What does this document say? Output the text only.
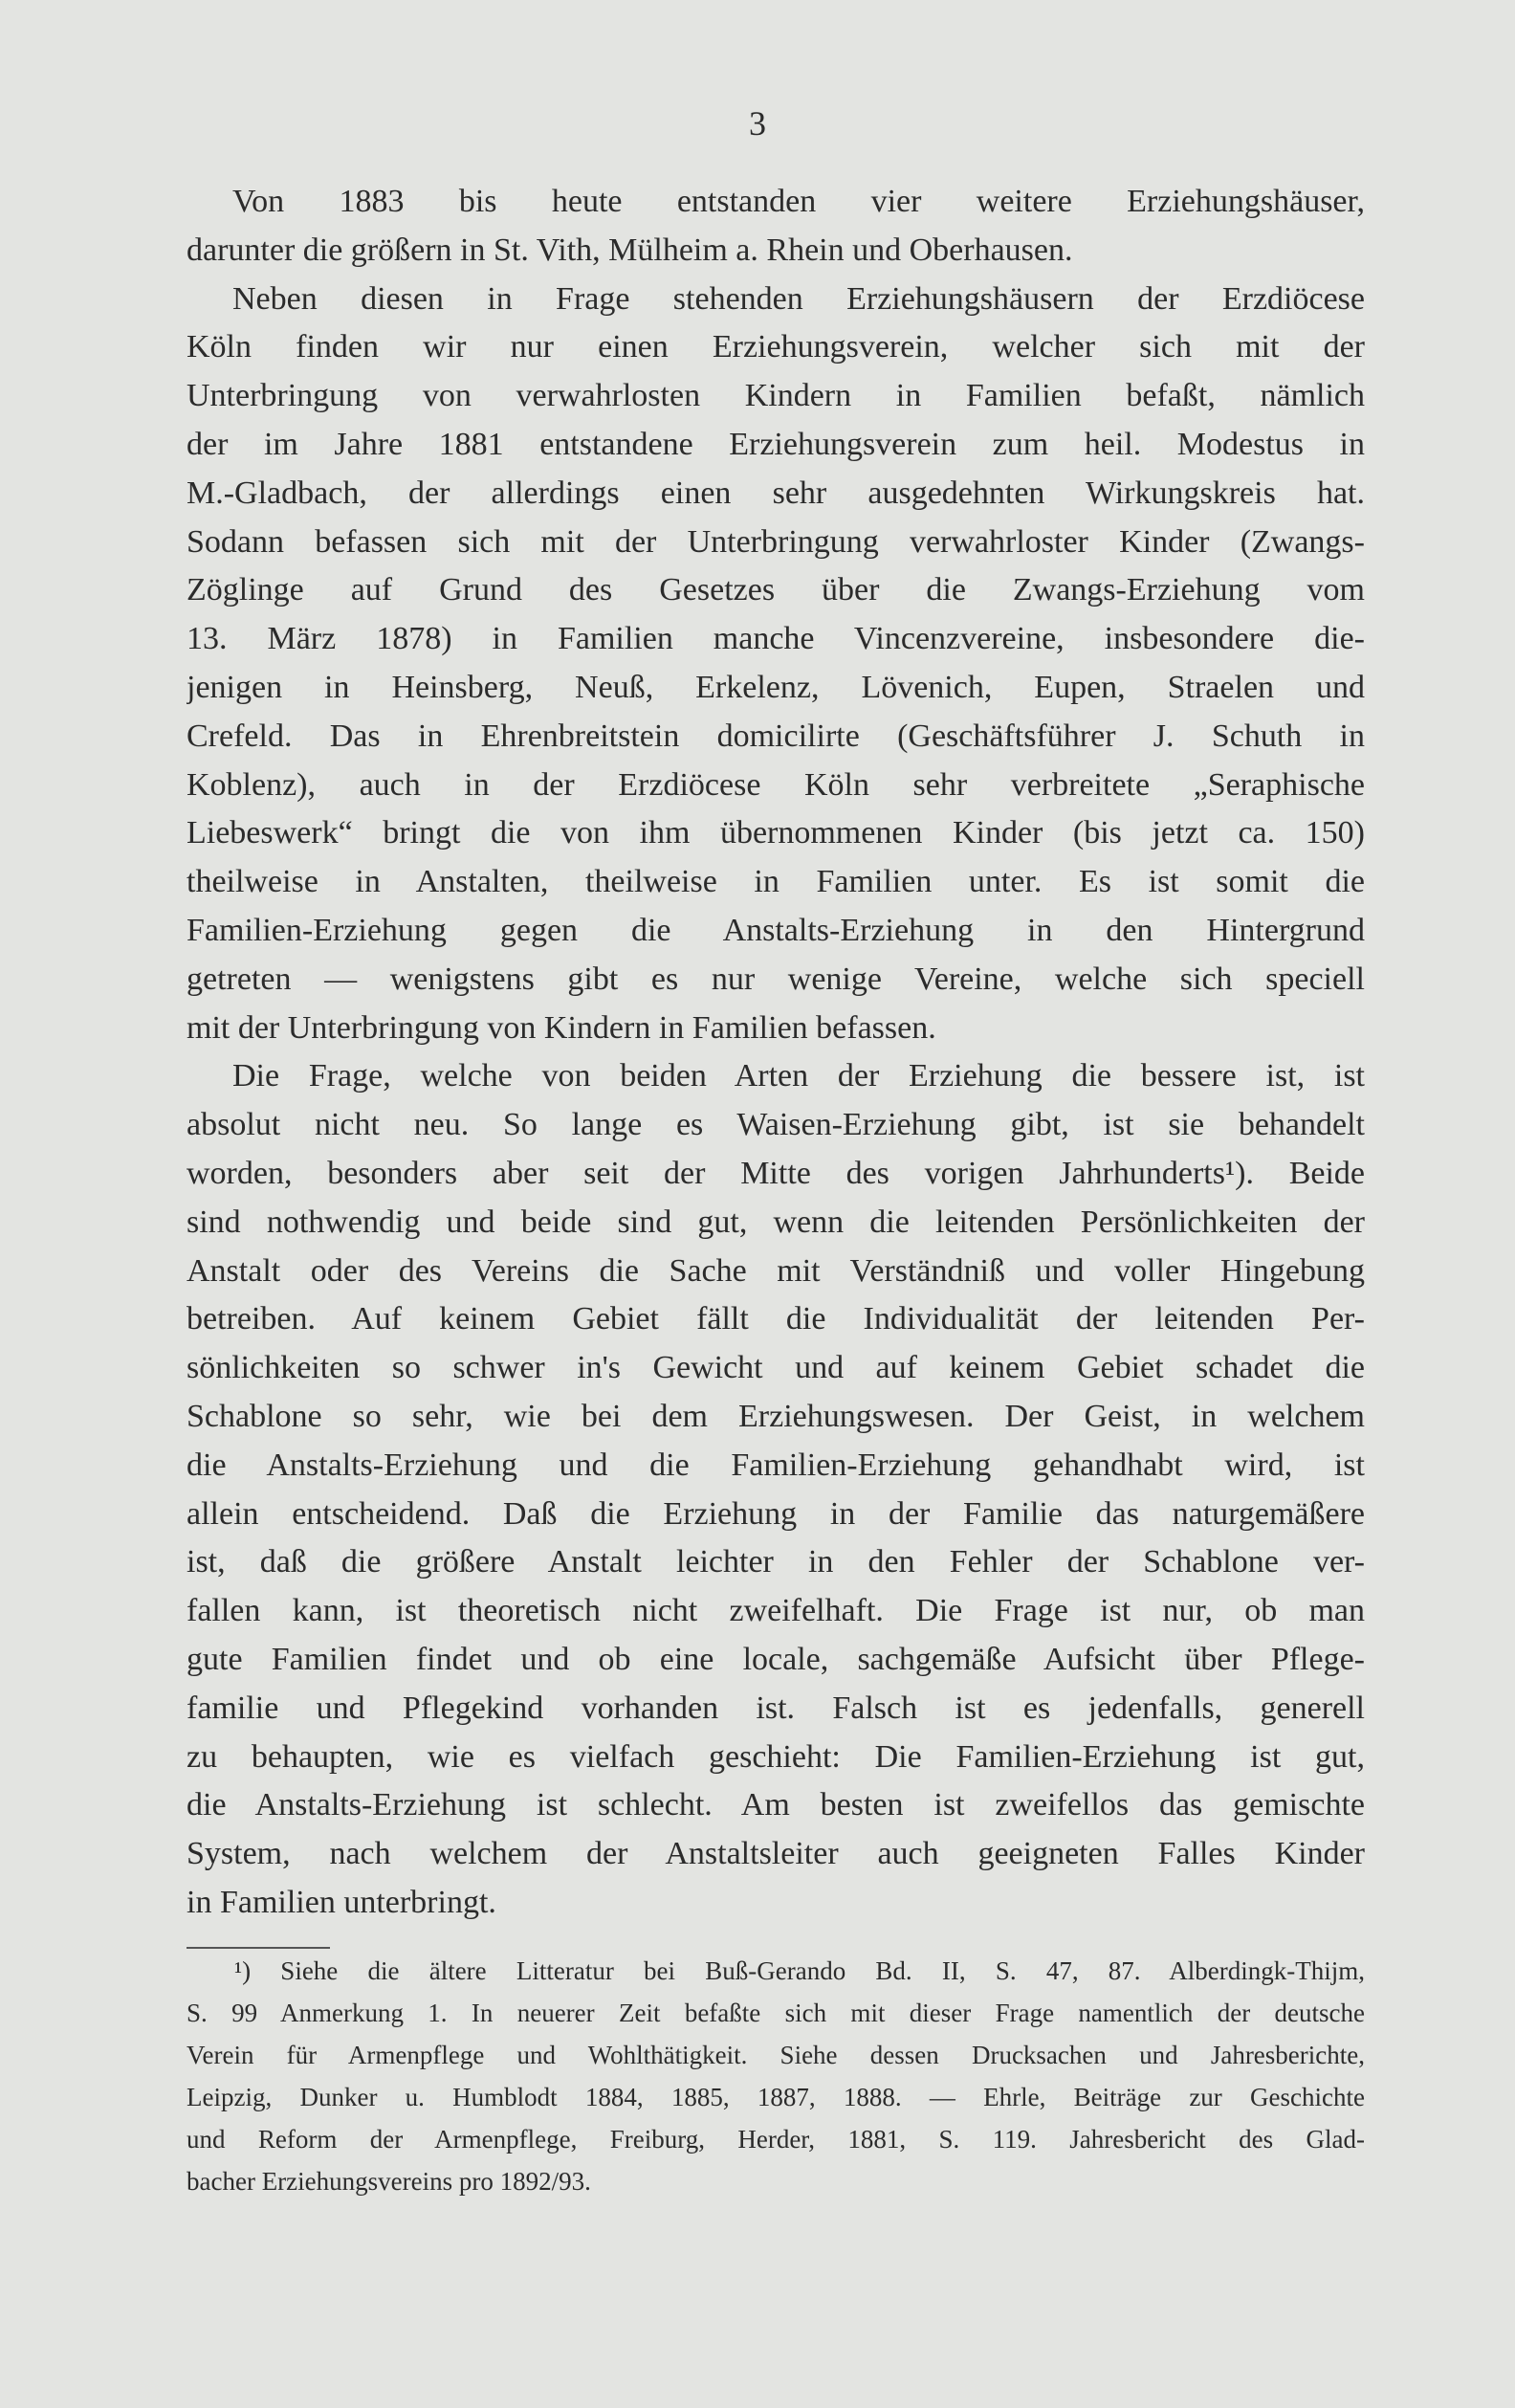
3
Von 1883 bis heute entstanden vier weitere Erziehungshäuser,
darunter die größern in St. Vith, Mülheim a. Rhein und Oberhausen.
Neben diesen in Frage stehenden Erziehungshäusern der Erzdiöcese
Köln finden wir nur einen Erziehungsverein, welcher sich mit der
Unterbringung von verwahrlosten Kindern in Familien befaßt, nämlich
der im Jahre 1881 entstandene Erziehungsverein zum heil. Modestus in
M.-Gladbach, der allerdings einen sehr ausgedehnten Wirkungskreis hat.
Sodann befassen sich mit der Unterbringung verwahrloster Kinder (Zwangs-
Zöglinge auf Grund des Gesetzes über die Zwangs-Erziehung vom
13. März 1878) in Familien manche Vincenzvereine, insbesondere die-
jenigen in Heinsberg, Neuß, Erkelenz, Lövenich, Eupen, Straelen und
Crefeld. Das in Ehrenbreitstein domicilirte (Geschäftsführer J. Schuth in
Koblenz), auch in der Erzdiöcese Köln sehr verbreitete „Seraphische
Liebeswerk“ bringt die von ihm übernommenen Kinder (bis jetzt ca. 150)
theilweise in Anstalten, theilweise in Familien unter. Es ist somit die
Familien-Erziehung gegen die Anstalts-Erziehung in den Hintergrund
getreten — wenigstens gibt es nur wenige Vereine, welche sich speciell
mit der Unterbringung von Kindern in Familien befassen.
Die Frage, welche von beiden Arten der Erziehung die bessere ist, ist
absolut nicht neu. So lange es Waisen-Erziehung gibt, ist sie behandelt
worden, besonders aber seit der Mitte des vorigen Jahrhunderts¹). Beide
sind nothwendig und beide sind gut, wenn die leitenden Persönlichkeiten der
Anstalt oder des Vereins die Sache mit Verständniß und voller Hingebung
betreiben. Auf keinem Gebiet fällt die Individualität der leitenden Per-
sönlichkeiten so schwer in's Gewicht und auf keinem Gebiet schadet die
Schablone so sehr, wie bei dem Erziehungswesen. Der Geist, in welchem
die Anstalts-Erziehung und die Familien-Erziehung gehandhabt wird, ist
allein entscheidend. Daß die Erziehung in der Familie das naturgemäßere
ist, daß die größere Anstalt leichter in den Fehler der Schablone ver-
fallen kann, ist theoretisch nicht zweifelhaft. Die Frage ist nur, ob man
gute Familien findet und ob eine locale, sachgemäße Aufsicht über Pflege-
familie und Pflegekind vorhanden ist. Falsch ist es jedenfalls, generell
zu behaupten, wie es vielfach geschieht: Die Familien-Erziehung ist gut,
die Anstalts-Erziehung ist schlecht. Am besten ist zweifellos das gemischte
System, nach welchem der Anstaltsleiter auch geeigneten Falles Kinder
in Familien unterbringt.
¹) Siehe die ältere Litteratur bei Buß-Gerando Bd. II, S. 47, 87. Alberdingk-Thijm,
S. 99 Anmerkung 1. In neuerer Zeit befaßte sich mit dieser Frage namentlich der deutsche
Verein für Armenpflege und Wohlthätigkeit. Siehe dessen Drucksachen und Jahresberichte,
Leipzig, Dunker u. Humblodt 1884, 1885, 1887, 1888. — Ehrle, Beiträge zur Geschichte
und Reform der Armenpflege, Freiburg, Herder, 1881, S. 119. Jahresbericht des Glad-
bacher Erziehungsvereins pro 1892/93.
